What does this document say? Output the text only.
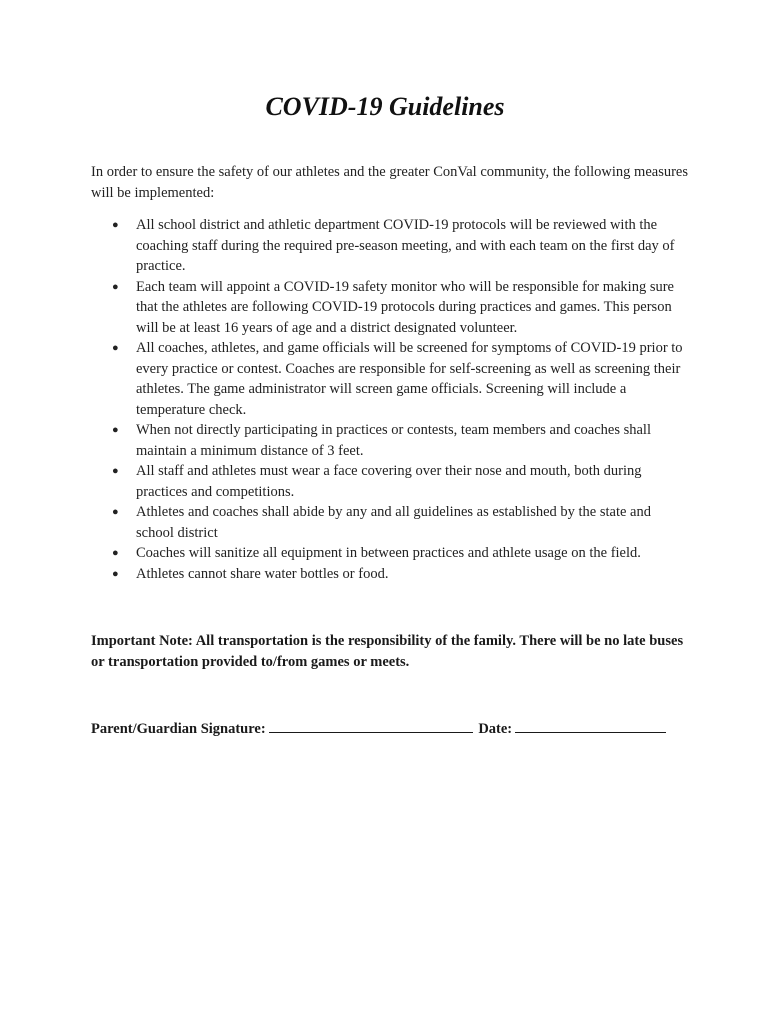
COVID-19 Guidelines

In order to ensure the safety of our athletes and the greater ConVal community, the following measures will be implemented:

● All school district and athletic department COVID-19 protocols will be reviewed with the coaching staff during the required pre-season meeting, and with each team on the first day of practice.
● Each team will appoint a COVID-19 safety monitor who will be responsible for making sure that the athletes are following COVID-19 protocols during practices and games. This person will be at least 16 years of age and a district designated volunteer.
● All coaches, athletes, and game officials will be screened for symptoms of COVID-19 prior to every practice or contest. Coaches are responsible for self-screening as well as screening their athletes. The game administrator will screen game officials. Screening will include a temperature check.
● When not directly participating in practices or contests, team members and coaches shall maintain a minimum distance of 3 feet.
● All staff and athletes must wear a face covering over their nose and mouth, both during practices and competitions.
● Athletes and coaches shall abide by any and all guidelines as established by the state and school district
● Coaches will sanitize all equipment in between practices and athlete usage on the field.
● Athletes cannot share water bottles or food.

Important Note: All transportation is the responsibility of the family. There will be no late buses or transportation provided to/from games or meets.

Parent/Guardian Signature:	Date:
